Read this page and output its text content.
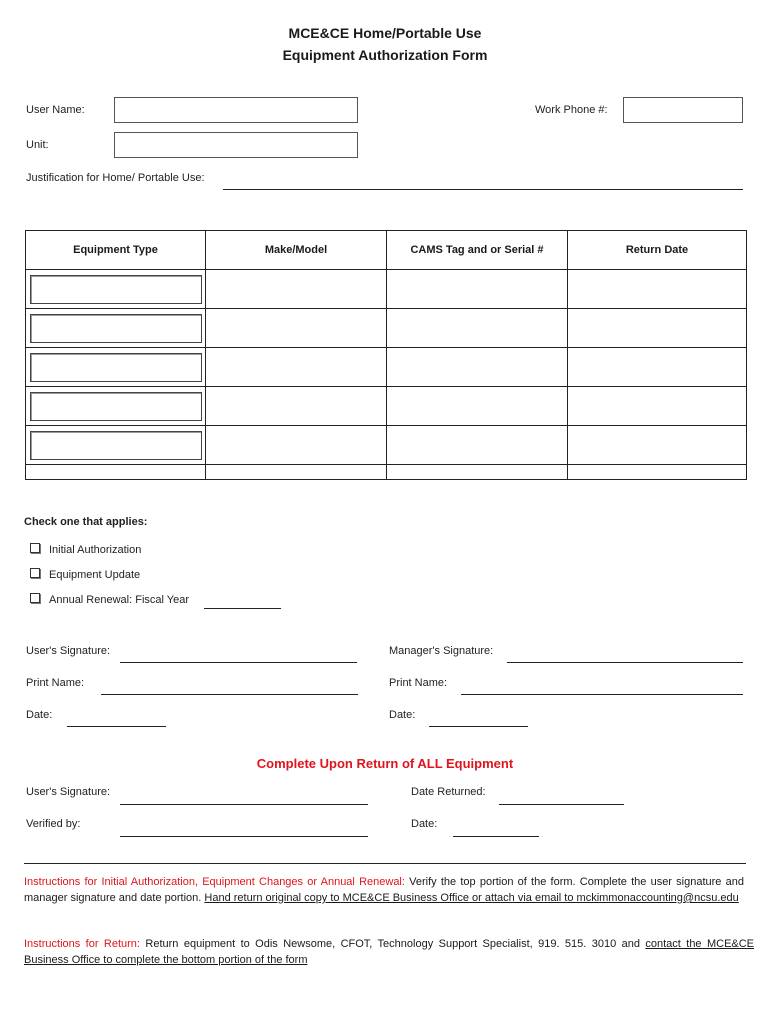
MCE&CE Home/Portable Use
Equipment Authorization Form
User Name:	Work Phone #:
Unit:
Justification for Home/ Portable Use:
Equipment Type	Make/Model	CAMS Tag and or Serial #	Return Date

Check one that applies:
Initial Authorization
Equipment Update
Annual Renewal: Fiscal Year
User's Signature:	Manager's Signature:
Print Name:	Print Name:
Date:	Date:
Complete Upon Return of ALL Equipment
User's Signature:	Date Returned:
Verified by:	Date:
Instructions for Initial Authorization, Equipment Changes or Annual Renewal: Verify the top portion of the form. Complete the user signature and manager signature and date portion. Hand return original copy to MCE&CE Business Office or attach via email to mckimmonaccounting@ncsu.edu
Instructions for Return: Return equipment to Odis Newsome, CFOT, Technology Support Specialist, 919. 515. 3010 and contact the MCE&CE Business Office to complete the bottom portion of the form
